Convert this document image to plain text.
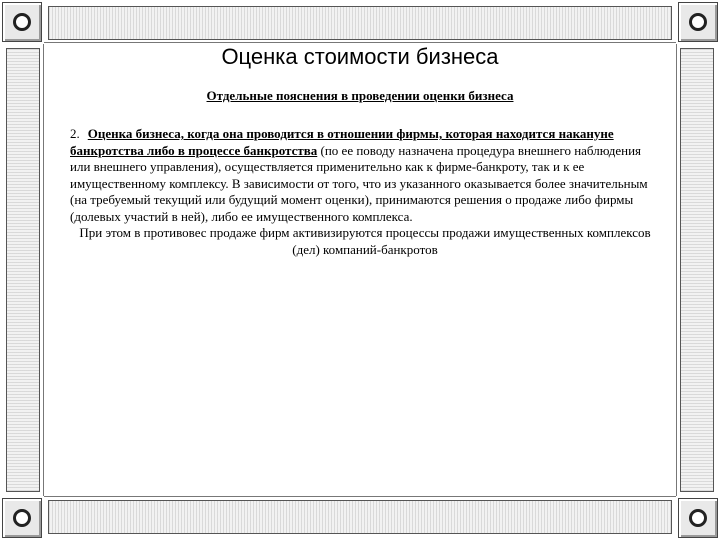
Оценка стоимости бизнеса
Отдельные пояснения в проведении оценки бизнеса

2. Оценка бизнеса, когда она проводится в отношении фирмы, которая находится накануне банкротства либо в процессе банкротства (по ее поводу назначена процедура внешнего наблюдения или внешнего управления), осуществляется применительно как к фирме-банкроту, так и к ее имущественному комплексу. В зависимости от того, что из указанного оказывается более значительным (на требуемый текущий или будущий момент оценки), принимаются решения о продаже либо фирмы (долевых участий в ней), либо ее имущественного комплекса.

При этом в противовес продаже фирм активизируются процессы продажи имущественных комплексов (дел) компаний-банкротов
